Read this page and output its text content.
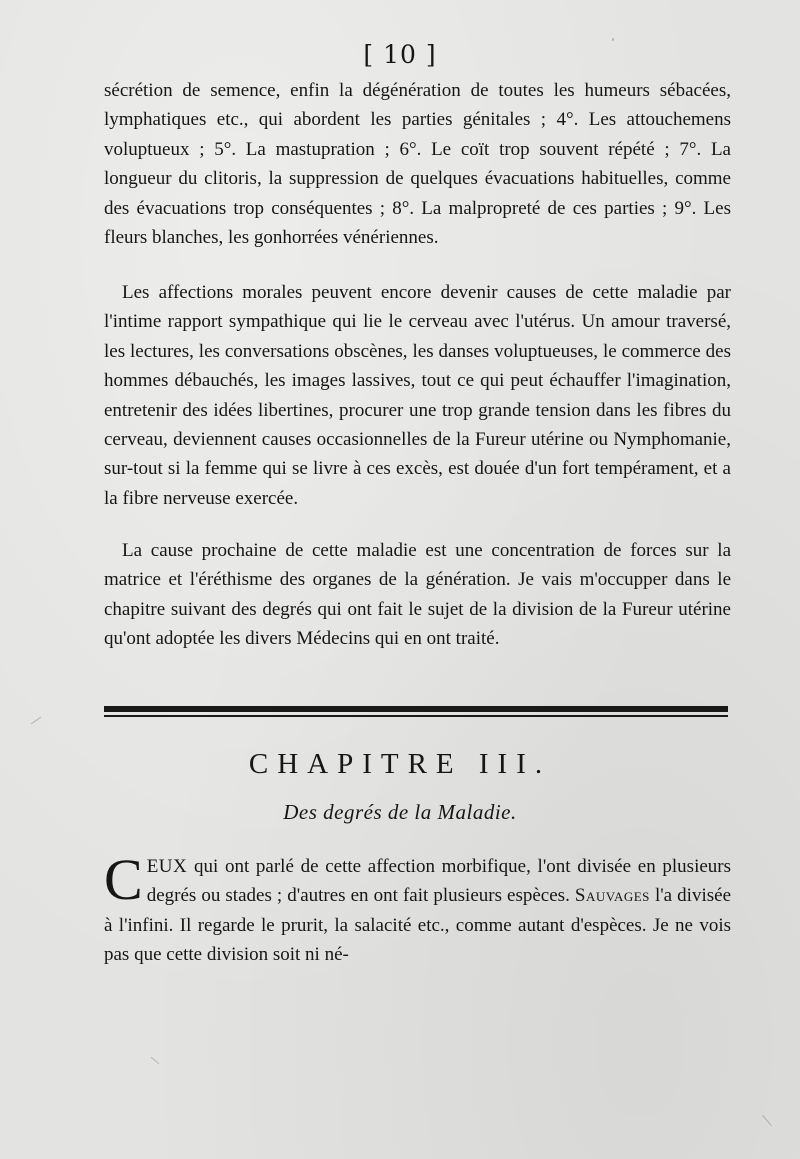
[ 10 ]

sécrétion de semence, enfin la dégénération de toutes les humeurs sébacées, lymphatiques etc., qui abordent les parties génitales ; 4°. Les attouchemens voluptueux ; 5°. La mastupration ; 6°. Le coït trop souvent répété ; 7°. La longueur du clitoris, la suppression de quelques évacuations habituelles, comme des évacuations trop conséquentes ; 8°. La malpropreté de ces parties ; 9°. Les fleurs blanches, les gonhorrées vénériennes.

Les affections morales peuvent encore devenir causes de cette maladie par l'intime rapport sympathique qui lie le cerveau avec l'utérus. Un amour traversé, les lectures, les conversations obscènes, les danses voluptueuses, le commerce des hommes débauchés, les images lassives, tout ce qui peut échauffer l'imagination, entretenir des idées libertines, procurer une trop grande tension dans les fibres du cerveau, deviennent causes occasionnelles de la Fureur utérine ou Nymphomanie, sur-tout si la femme qui se livre à ces excès, est douée d'un fort tempérament, et a la fibre nerveuse exercée.

La cause prochaine de cette maladie est une concentration de forces sur la matrice et l'éréthisme des organes de la génération. Je vais m'occupper dans le chapitre suivant des degrés qui ont fait le sujet de la division de la Fureur utérine qu'ont adoptée les divers Médecins qui en ont traité.

CHAPITRE III.
Des degrés de la Maladie.

CEUX qui ont parlé de cette affection morbifique, l'ont divisée en plusieurs degrés ou stades ; d'autres en ont fait plusieurs espèces. Sauvages l'a divisée à l'infini. Il regarde le prurit, la salacité etc., comme autant d'espèces. Je ne vois pas que cette division soit ni né-
